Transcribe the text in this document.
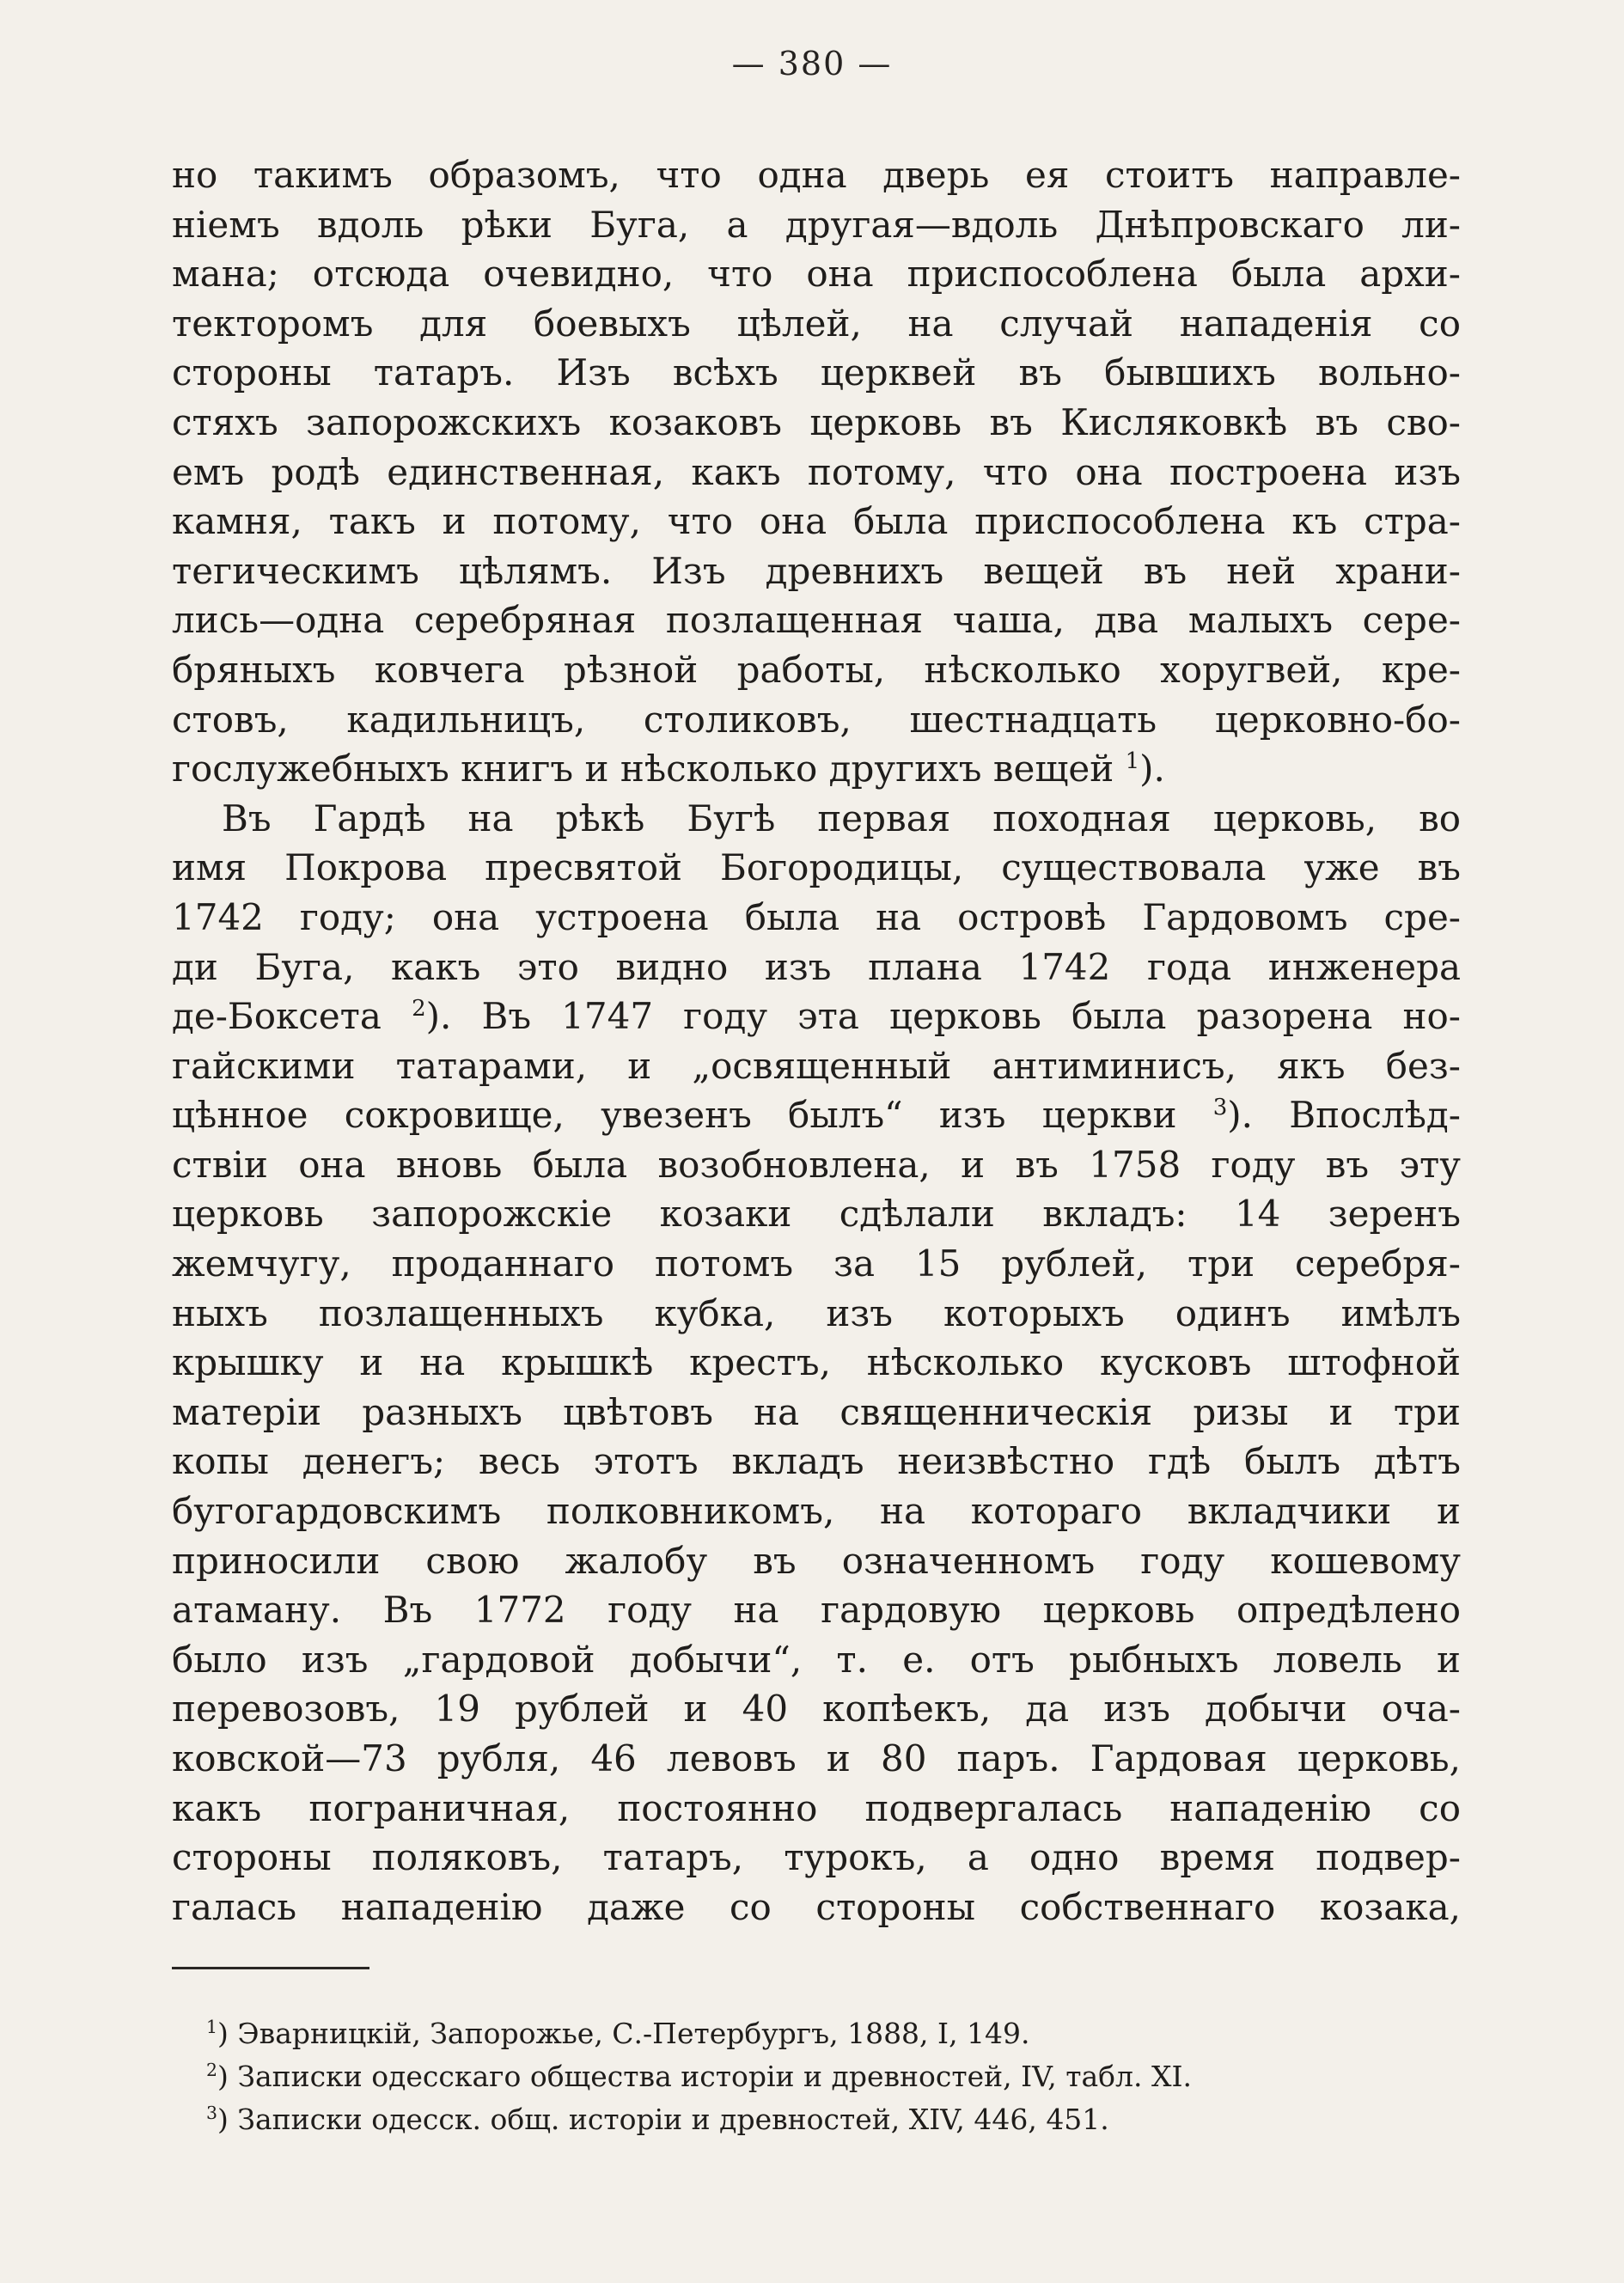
— 380 —
но такимъ образомъ, что одна дверь ея стоитъ направле-
ніемъ вдоль рѣки Буга, а другая—вдоль Днѣпровскаго ли-
мана; отсюда очевидно, что она приспособлена была архи-
текторомъ для боевыхъ цѣлей, на случай нападенія со
стороны татаръ. Изъ всѣхъ церквей въ бывшихъ вольно-
стяхъ запорожскихъ козаковъ церковь въ Кисляковкѣ въ сво-
емъ родѣ единственная, какъ потому, что она построена изъ
камня, такъ и потому, что она была приспособлена къ стра-
тегическимъ цѣлямъ. Изъ древнихъ вещей въ ней храни-
лись—одна серебряная позлащенная чаша, два малыхъ сере-
бряныхъ ковчега рѣзной работы, нѣсколько хоругвей, кре-
стовъ, кадильницъ, столиковъ, шестнадцать церковно-бо-
гослужебныхъ книгъ и нѣсколько другихъ вещей $^1$).
Въ Гардѣ на рѣкѣ Бугѣ первая походная церковь, во
имя Покрова пресвятой Богородицы, существовала уже въ
1742 году; она устроена была на островѣ Гардовомъ сре-
ди Буга, какъ это видно изъ плана 1742 года инженера
де-Боксета $^2$). Въ 1747 году эта церковь была разорена но-
гайскими татарами, и „освященный антиминисъ, якъ без-
цѣнное сокровище, увезенъ былъ“ изъ церкви $^3$). Впослѣд-
ствіи она вновь была возобновлена, и въ 1758 году въ эту
церковь запорожскіе козаки сдѣлали вкладъ: 14 зеренъ
жемчугу, проданнаго потомъ за 15 рублей, три серебря-
ныхъ позлащенныхъ кубка, изъ которыхъ одинъ имѣлъ
крышку и на крышкѣ крестъ, нѣсколько кусковъ штофной
матеріи разныхъ цвѣтовъ на священническія ризы и три
копы денегъ; весь этотъ вкладъ неизвѣстно гдѣ былъ дѣтъ
бугогардовскимъ полковникомъ, на котораго вкладчики и
приносили свою жалобу въ означенномъ году кошевому
атаману. Въ 1772 году на гардовую церковь опредѣлено
было изъ „гардовой добычи“, т. е. отъ рыбныхъ ловель и
перевозовъ, 19 рублей и 40 копѣекъ, да изъ добычи оча-
ковской—73 рубля, 46 левовъ и 80 паръ. Гардовая церковь,
какъ пограничная, постоянно подвергалась нападенію со
стороны поляковъ, татаръ, турокъ, а одно время подвер-
галась нападенію даже со стороны собственнаго козака,
$^1$) Эварницкій, Запорожье, С.-Петербургъ, 1888, I, 149.
$^2$) Записки одесскаго общества исторіи и древностей, IV, табл. XI.
$^3$) Записки одесск. общ. исторіи и древностей, XIV, 446, 451.
